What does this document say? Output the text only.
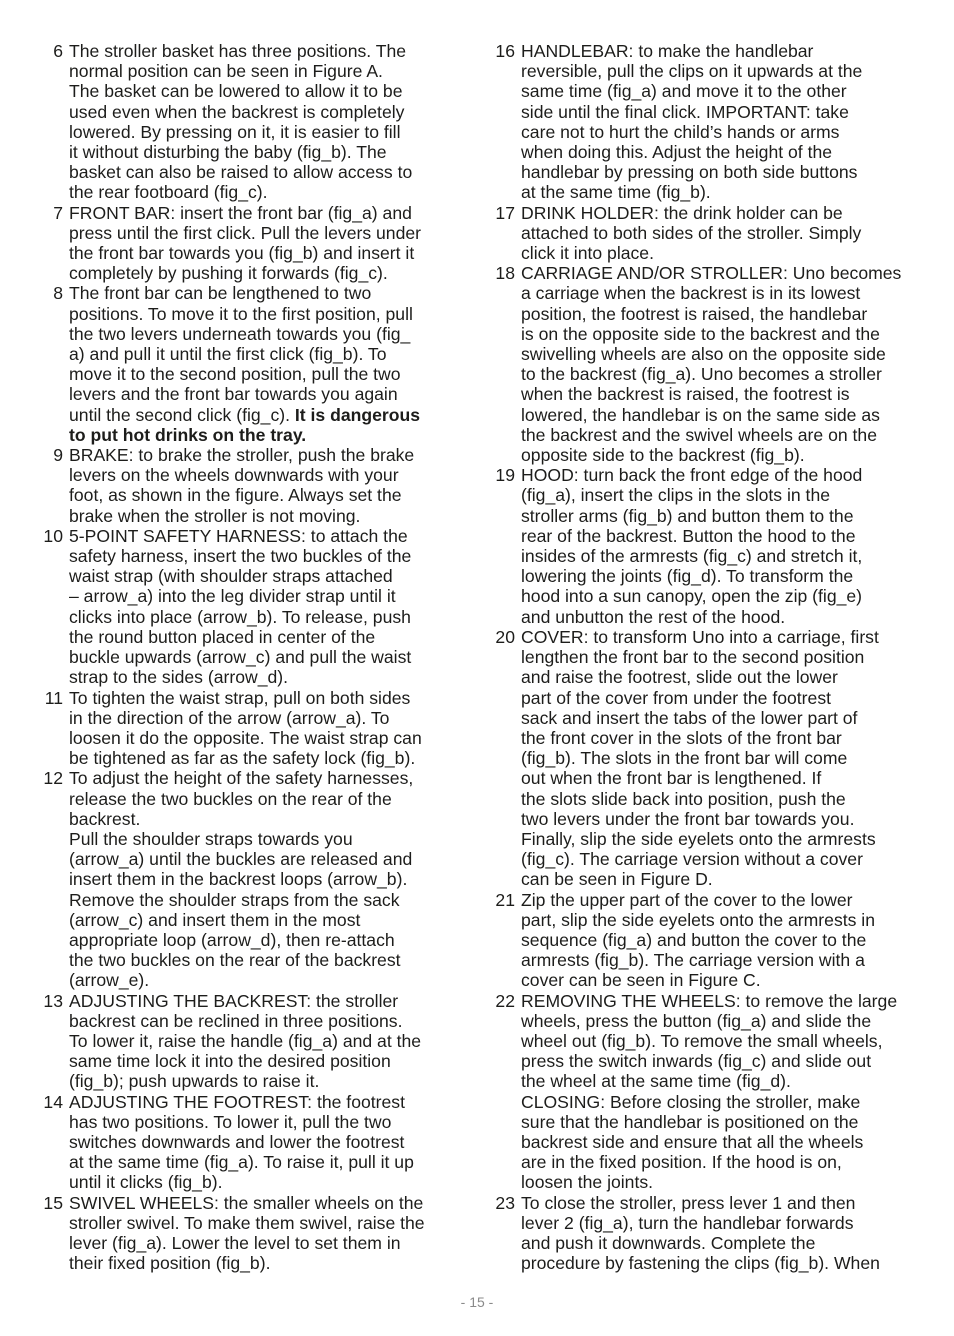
6 The stroller basket has three positions. The
normal position can be seen in Figure A.
The basket can be lowered to allow it to be
used even when the backrest is completely
lowered. By pressing on it, it is easier to fill
it without disturbing the baby (fig_b). The
basket can also be raised to allow access to
the rear footboard (fig_c).
7 FRONT BAR: insert the front bar (fig_a) and
press until the first click. Pull the levers under
the front bar towards you (fig_b) and insert it
completely by pushing it forwards (fig_c).
8 The front bar can be lengthened to two
positions. To move it to the first position, pull
the two levers underneath towards you (fig_
a) and pull it until the first click (fig_b). To
move it to the second position, pull the two
levers and the front bar towards you again
until the second click (fig_c). It is dangerous
to put hot drinks on the tray.
9 BRAKE: to brake the stroller, push the brake
levers on the wheels downwards with your
foot, as shown in the figure. Always set the
brake when the stroller is not moving.
10 5-POINT SAFETY HARNESS: to attach the
safety harness, insert the two buckles of the
waist strap (with shoulder straps attached
– arrow_a) into the leg divider strap until it
clicks into place (arrow_b). To release, push
the round button placed in center of the
buckle upwards (arrow_c) and pull the waist
strap to the sides (arrow_d).
11 To tighten the waist strap, pull on both sides
in the direction of the arrow (arrow_a). To
loosen it do the opposite. The waist strap can
be tightened as far as the safety lock (fig_b).
12 To adjust the height of the safety harnesses,
release the two buckles on the rear of the
backrest.
Pull the shoulder straps towards you
(arrow_a) until the buckles are released and
insert them in the backrest loops (arrow_b).
Remove the shoulder straps from the sack
(arrow_c) and insert them in the most
appropriate loop (arrow_d), then re-attach
the two buckles on the rear of the backrest
(arrow_e).
13 ADJUSTING THE BACKREST: the stroller
backrest can be reclined in three positions.
To lower it, raise the handle (fig_a) and at the
same time lock it into the desired position
(fig_b); push upwards to raise it.
14 ADJUSTING THE FOOTREST: the footrest
has two positions. To lower it, pull the two
switches downwards and lower the footrest
at the same time (fig_a). To raise it, pull it up
until it clicks (fig_b).
15 SWIVEL WHEELS: the smaller wheels on the
stroller swivel. To make them swivel, raise the
lever (fig_a). Lower the level to set them in
their fixed position (fig_b).
16 HANDLEBAR: to make the handlebar
reversible, pull the clips on it upwards at the
same time (fig_a) and move it to the other
side until the final click. IMPORTANT: take
care not to hurt the child’s hands or arms
when doing this. Adjust the height of the
handlebar by pressing on both side buttons
at the same time (fig_b).
17 DRINK HOLDER: the drink holder can be
attached to both sides of the stroller. Simply
click it into place.
18 CARRIAGE AND/OR STROLLER: Uno becomes
a carriage when the backrest is in its lowest
position, the footrest is raised, the handlebar
is on the opposite side to the backrest and the
swivelling wheels are also on the opposite side
to the backrest (fig_a). Uno becomes a stroller
when the backrest is raised, the footrest is
lowered, the handlebar is on the same side as
the backrest and the swivel wheels are on the
opposite side to the backrest (fig_b).
19 HOOD: turn back the front edge of the hood
(fig_a), insert the clips in the slots in the
stroller arms (fig_b) and button them to the
rear of the backrest. Button the hood to the
insides of the armrests (fig_c) and stretch it,
lowering the joints (fig_d). To transform the
hood into a sun canopy, open the zip (fig_e)
and unbutton the rest of the hood.
20 COVER: to transform Uno into a carriage, first
lengthen the front bar to the second position
and raise the footrest, slide out the lower
part of the cover from under the footrest
sack and insert the tabs of the lower part of
the front cover in the slots of the front bar
(fig_b). The slots in the front bar will come
out when the front bar is lengthened. If
the slots slide back into position, push the
two levers under the front bar towards you.
Finally, slip the side eyelets onto the armrests
(fig_c). The carriage version without a cover
can be seen in Figure D.
21 Zip the upper part of the cover to the lower
part, slip the side eyelets onto the armrests in
sequence (fig_a) and button the cover to the
armrests (fig_b). The carriage version with a
cover can be seen in Figure C.
22 REMOVING THE WHEELS: to remove the large
wheels, press the button (fig_a) and slide the
wheel out (fig_b). To remove the small wheels,
press the switch inwards (fig_c) and slide out
the wheel at the same time (fig_d).
CLOSING: Before closing the stroller, make
sure that the handlebar is positioned on the
backrest side and ensure that all the wheels
are in the fixed position. If the hood is on,
loosen the joints.
23 To close the stroller, press lever 1 and then
lever 2 (fig_a), turn the handlebar forwards
and push it downwards. Complete the
procedure by fastening the clips (fig_b). When
- 15 -
